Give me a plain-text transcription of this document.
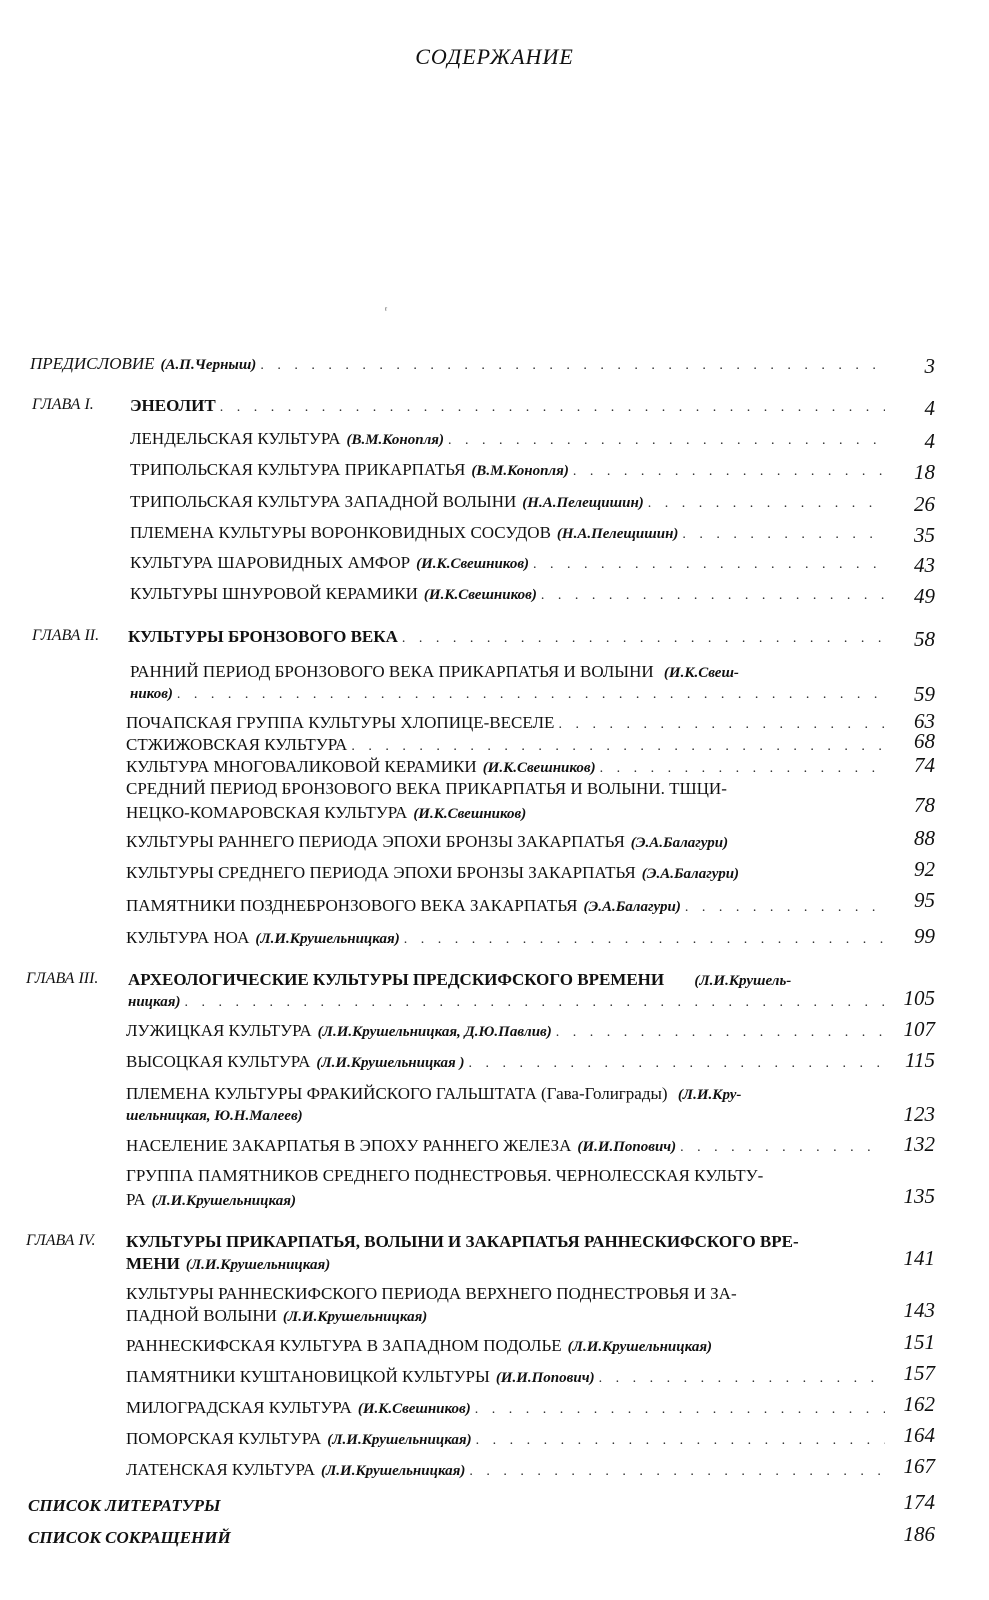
СОДЕРЖАНИЕ
ʳ
ПРЕДИСЛОВИЕ (А.П.Черныш) . . .	3
ГЛАВА I. ЭНЕОЛИТ . . .	4
ЛЕНДЕЛЬСКАЯ КУЛЬТУРА (В.М.Конопля) . . .	4
ТРИПОЛЬСКАЯ КУЛЬТУРА ПРИКАРПАТЬЯ (В.М.Конопля) . . .	18
ТРИПОЛЬСКАЯ КУЛЬТУРА ЗАПАДНОЙ ВОЛЫНИ (Н.А.Пелещишин) . . .	26
ПЛЕМЕНА КУЛЬТУРЫ ВОРОНКОВИДНЫХ СОСУДОВ (Н.А.Пелещишин) . . .	35
КУЛЬТУРА ШАРОВИДНЫХ АМФОР (И.К.Свешников) . . .	43
КУЛЬТУРЫ ШНУРОВОЙ КЕРАМИКИ (И.К.Свешников) . . .	49
ГЛАВА II. КУЛЬТУРЫ БРОНЗОВОГО ВЕКА . . .	58
РАННИЙ ПЕРИОД БРОНЗОВОГО ВЕКА ПРИКАРПАТЬЯ И ВОЛЫНИ (И.К.Свеш-
ников) . . .	59
ПОЧАПСКАЯ ГРУППА КУЛЬТУРЫ ХЛОПИЦЕ-ВЕСЕЛЕ . . .	63
СТЖИЖОВСКАЯ КУЛЬТУРА . . .	68
КУЛЬТУРА МНОГОВАЛИКОВОЙ КЕРАМИКИ (И.К.Свешников) . . .	74
СРЕДНИЙ ПЕРИОД БРОНЗОВОГО ВЕКА ПРИКАРПАТЬЯ И ВОЛЫНИ. ТШЦИ-
НЕЦКО-КОМАРОВСКАЯ КУЛЬТУРА (И.К.Свешников)	78
КУЛЬТУРЫ РАННЕГО ПЕРИОДА ЭПОХИ БРОНЗЫ ЗАКАРПАТЬЯ (Э.А.Балагури)	88
КУЛЬТУРЫ СРЕДНЕГО ПЕРИОДА ЭПОХИ БРОНЗЫ ЗАКАРПАТЬЯ (Э.А.Балагури)	92
ПАМЯТНИКИ ПОЗДНЕБРОНЗОВОГО ВЕКА ЗАКАРПАТЬЯ (Э.А.Балагури) . . .	95
КУЛЬТУРА НОА (Л.И.Крушельницкая) . . .	99
ГЛАВА III. АРХЕОЛОГИЧЕСКИЕ КУЛЬТУРЫ ПРЕДСКИФСКОГО ВРЕМЕНИ (Л.И.Крушель-
ницкая) . . .	105
ЛУЖИЦКАЯ КУЛЬТУРА (Л.И.Крушельницкая, Д.Ю.Павлив) . . .	107
ВЫСОЦКАЯ КУЛЬТУРА (Л.И.Крушельницкая ) . . .	115
ПЛЕМЕНА КУЛЬТУРЫ ФРАКИЙСКОГО ГАЛЬШТАТА (Гава-Голиграды) (Л.И.Кру-
шельницкая, Ю.Н.Малеев)	123
НАСЕЛЕНИЕ ЗАКАРПАТЬЯ В ЭПОХУ РАННЕГО ЖЕЛЕЗА (И.И.Попович) . . .	132
ГРУППА ПАМЯТНИКОВ СРЕДНЕГО ПОДНЕСТРОВЬЯ. ЧЕРНОЛЕССКАЯ КУЛЬТУ-
РА (Л.И.Крушельницкая)	135
ГЛАВА IV. КУЛЬТУРЫ ПРИКАРПАТЬЯ, ВОЛЫНИ И ЗАКАРПАТЬЯ РАННЕСКИФСКОГО ВРЕ-
МЕНИ (Л.И.Крушельницкая)	141
КУЛЬТУРЫ РАННЕСКИФСКОГО ПЕРИОДА ВЕРХНЕГО ПОДНЕСТРОВЬЯ И ЗА-
ПАДНОЙ ВОЛЫНИ (Л.И.Крушельницкая)	143
РАННЕСКИФСКАЯ КУЛЬТУРА В ЗАПАДНОМ ПОДОЛЬЕ (Л.И.Крушельницкая)	151
ПАМЯТНИКИ КУШТАНОВИЦКОЙ КУЛЬТУРЫ (И.И.Попович) . . .	157
МИЛОГРАДСКАЯ КУЛЬТУРА (И.К.Свешников) . . .	162
ПОМОРСКАЯ КУЛЬТУРА (Л.И.Крушельницкая) . . .	164
ЛАТЕНСКАЯ КУЛЬТУРА (Л.И.Крушельницкая) . . .	167
СПИСОК ЛИТЕРАТУРЫ	174
СПИСОК СОКРАЩЕНИЙ	186
